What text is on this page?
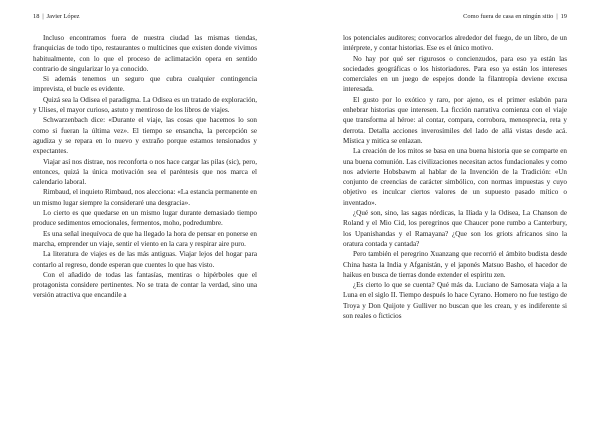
18 | Javier López

Incluso encontramos fuera de nuestra ciudad las mismas tiendas, franquicias de todo tipo, restaurantes o multicines que existen donde vivimos habitualmente, con lo que el proceso de aclimatación opera en sentido contrario de singularizar lo ya conocido.

Si además tenemos un seguro que cubra cualquier contingencia imprevista, el bucle es evidente.

Quizá sea la Odisea el paradigma. La Odisea es un tratado de exploración, y Ulises, el mayor curioso, astuto y mentiroso de los libros de viajes.

Schwarzenbach dice: «Durante el viaje, las cosas que hacemos lo son como si fueran la última vez». El tiempo se ensancha, la percepción se agudiza y se repara en lo nuevo y extraño porque estamos tensionados y expectantes.

Viajar así nos distrae, nos reconforta o nos hace cargar las pilas (sic), pero, entonces, quizá la única motivación sea el paréntesis que nos marca el calendario laboral.

Rimbaud, el inquieto Rimbaud, nos alecciona: «La estancia permanente en un mismo lugar siempre la consideraré una desgracia».

Lo cierto es que quedarse en un mismo lugar durante demasiado tiempo produce sedimentos emocionales, fermentos, moho, podredumbre.

Es una señal inequívoca de que ha llegado la hora de pensar en ponerse en marcha, emprender un viaje, sentir el viento en la cara y respirar aire puro.

La literatura de viajes es de las más antiguas. Viajar lejos del hogar para contarlo al regreso, donde esperan que cuentes lo que has visto.

Con el añadido de todas las fantasías, mentiras o hipérboles que el protagonista considere pertinentes. No se trata de contar la verdad, sino una versión atractiva que encandile a

Como fuera de casa en ningún sitio | 19

los potenciales auditores; convocarlos alrededor del fuego, de un libro, de un intérprete, y contar historias. Ese es el único motivo.

No hay por qué ser rigurosos o concienzudos, para eso ya están las sociedades geográficas o los historiadores. Para eso ya están los intereses comerciales en un juego de espejos donde la filantropía deviene excusa interesada.

El gusto por lo exótico y raro, por ajeno, es el primer eslabón para enhebrar historias que interesen. La ficción narrativa comienza con el viaje que transforma al héroe: al contar, compara, corrobora, menosprecia, reta y derrota. Detalla acciones inverosímiles del lado de allá vistas desde acá. Mística y mitica se enlazan.

La creación de los mitos se basa en una buena historia que se comparte en una buena comunión. Las civilizaciones necesitan actos fundacionales y como nos advierte Hobsbawm al hablar de la Invención de la Tradición: «Un conjunto de creencias de carácter simbólico, con normas impuestas y cuyo objetivo es inculcar ciertos valores de un supuesto pasado mítico o inventado».

¿Qué son, sino, las sagas nórdicas, la Ilíada y la Odisea, La Chanson de Roland y el Mio Cid, los peregrinos que Chaucer pone rumbo a Canterbury, los Upanishandas y el Ramayana? ¿Que son los griots africanos sino la oratura contada y cantada?

Pero también el peregrino Xuanzang que recorrió el ámbito budista desde China hasta la India y Afganistán, y el japonés Matsuo Basho, el hacedor de haikus en busca de tierras donde extender el espíritu zen.

¿Es cierto lo que se cuenta? Qué más da. Luciano de Samosata viaja a la Luna en el siglo II. Tiempo después lo hace Cyrano. Homero no fue testigo de Troya y Don Quijote y Gulliver no buscan que les crean, y es indiferente si son reales o ficticios
